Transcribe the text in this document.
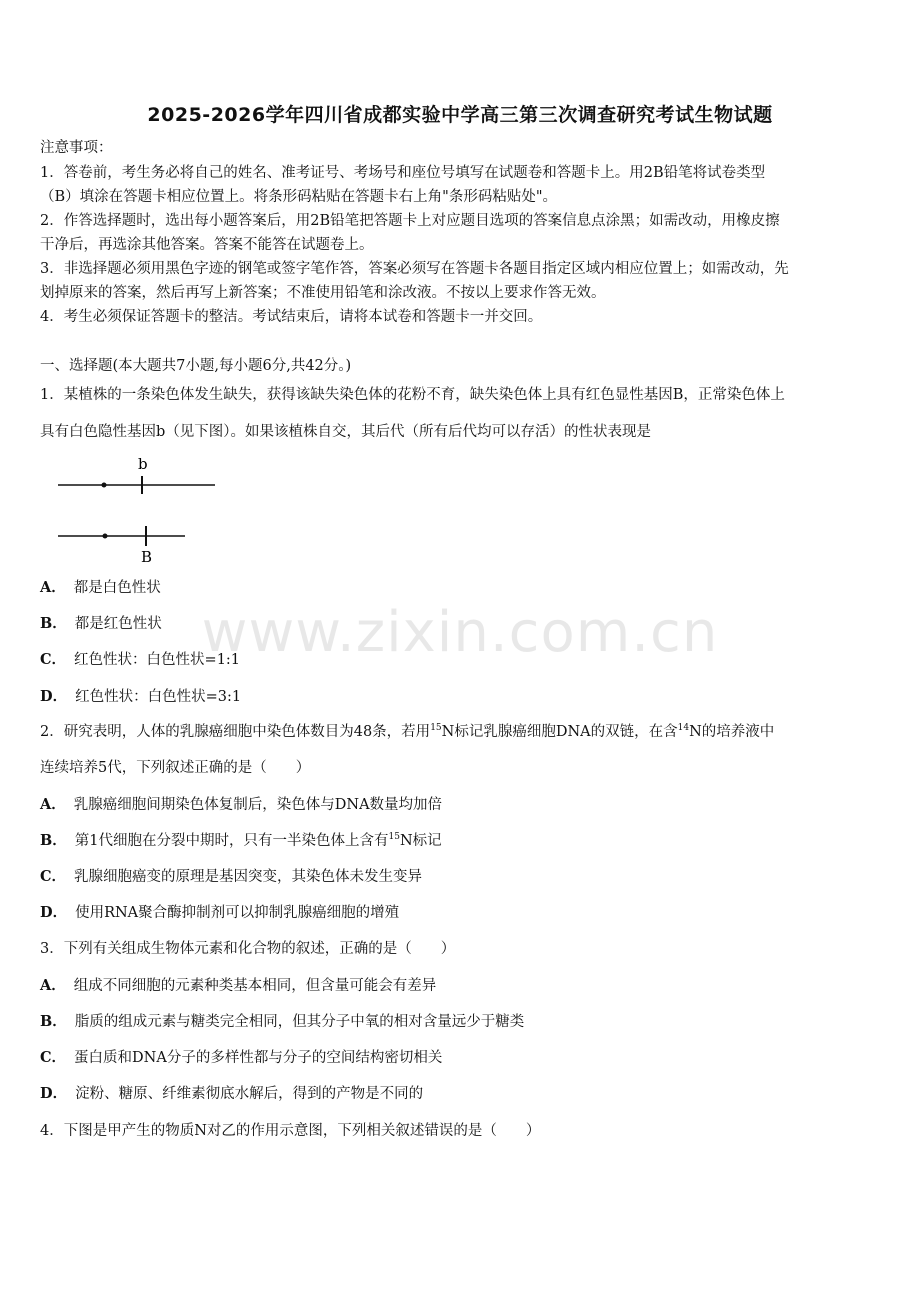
2025-2026学年四川省成都实验中学高三第三次调查研究考试生物试题
注意事项：
1．答卷前，考生务必将自己的姓名、准考证号、考场号和座位号填写在试题卷和答题卡上。用2B铅笔将试卷类型
（B）填涂在答题卡相应位置上。将条形码粘贴在答题卡右上角"条形码粘贴处"。
2．作答选择题时，选出每小题答案后，用2B铅笔把答题卡上对应题目选项的答案信息点涂黑；如需改动，用橡皮擦
干净后，再选涂其他答案。答案不能答在试题卷上。
3．非选择题必须用黑色字迹的钢笔或签字笔作答，答案必须写在答题卡各题目指定区域内相应位置上；如需改动，先
划掉原来的答案，然后再写上新答案；不准使用铅笔和涂改液。不按以上要求作答无效。
4．考生必须保证答题卡的整洁。考试结束后，请将本试卷和答题卡一并交回。
一、选择题(本大题共7小题,每小题6分,共42分。)
1．某植株的一条染色体发生缺失，获得该缺失染色体的花粉不育，缺失染色体上具有红色显性基因B，正常染色体上
具有白色隐性基因b（见下图）。如果该植株自交，其后代（所有后代均可以存活）的性状表现是
b
B
A． 都是白色性状
B． 都是红色性状
C． 红色性状：白色性状=1:1
D． 红色性状：白色性状=3:1
2．研究表明，人体的乳腺癌细胞中染色体数目为48条，若用$^{15}$N标记乳腺癌细胞DNA的双链，在含$^{14}$N的培养液中
连续培养5代，下列叙述正确的是（　　）
A． 乳腺癌细胞间期染色体复制后，染色体与DNA数量均加倍
B． 第1代细胞在分裂中期时，只有一半染色体上含有$^{15}$N标记
C． 乳腺细胞癌变的原理是基因突变，其染色体未发生变异
D． 使用RNA聚合酶抑制剂可以抑制乳腺癌细胞的增殖
3．下列有关组成生物体元素和化合物的叙述，正确的是（　　）
A． 组成不同细胞的元素种类基本相同，但含量可能会有差异
B． 脂质的组成元素与糖类完全相同，但其分子中氧的相对含量远少于糖类
C． 蛋白质和DNA分子的多样性都与分子的空间结构密切相关
D． 淀粉、糖原、纤维素彻底水解后，得到的产物是不同的
4．下图是甲产生的物质N对乙的作用示意图，下列相关叙述错误的是（　　）
www.zixin.com.cn
